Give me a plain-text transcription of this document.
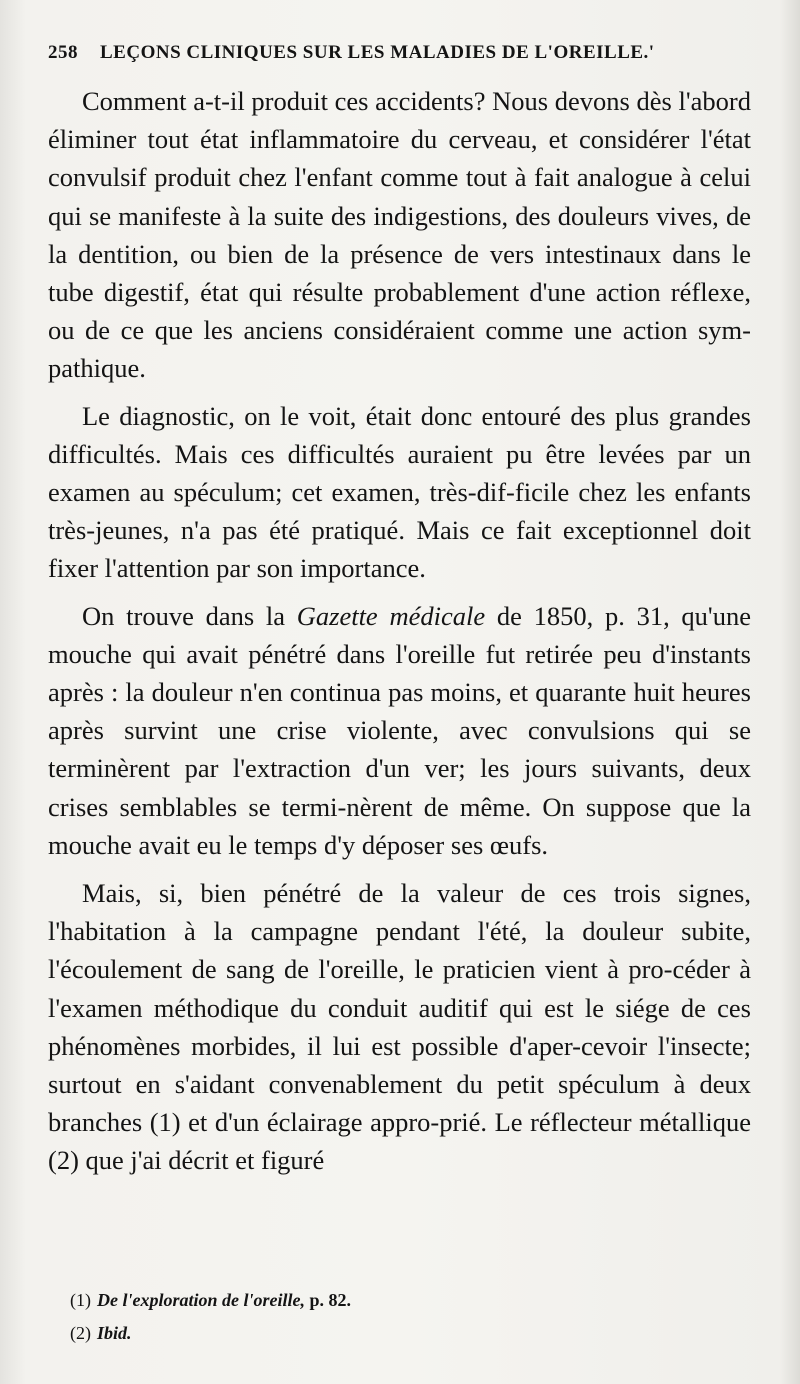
258 LEÇONS CLINIQUES SUR LES MALADIES DE L'OREILLE.'

Comment a-t-il produit ces accidents? Nous devons dès l'abord éliminer tout état inflammatoire du cerveau, et considérer l'état convulsif produit chez l'enfant comme tout à fait analogue à celui qui se manifeste à la suite des indigestions, des douleurs vives, de la dentition, ou bien de la présence de vers intestinaux dans le tube digestif, état qui résulte probablement d'une action réflexe, ou de ce que les anciens considéraient comme une action sym-pathique.

Le diagnostic, on le voit, était donc entouré des plus grandes difficultés. Mais ces difficultés auraient pu être levées par un examen au spéculum; cet examen, très-dif-ficile chez les enfants très-jeunes, n'a pas été pratiqué. Mais ce fait exceptionnel doit fixer l'attention par son importance.

On trouve dans la Gazette médicale de 1850, p. 31, qu'une mouche qui avait pénétré dans l'oreille fut retirée peu d'instants après : la douleur n'en continua pas moins, et quarante huit heures après survint une crise violente, avec convulsions qui se terminèrent par l'extraction d'un ver; les jours suivants, deux crises semblables se termi-nèrent de même. On suppose que la mouche avait eu le temps d'y déposer ses œufs.

Mais, si, bien pénétré de la valeur de ces trois signes, l'habitation à la campagne pendant l'été, la douleur subite, l'écoulement de sang de l'oreille, le praticien vient à pro-céder à l'examen méthodique du conduit auditif qui est le siége de ces phénomènes morbides, il lui est possible d'aper-cevoir l'insecte; surtout en s'aidant convenablement du petit spéculum à deux branches (1) et d'un éclairage appro-prié. Le réflecteur métallique (2) que j'ai décrit et figuré

(1) De l'exploration de l'oreille, p. 82.
(2) Ibid.
